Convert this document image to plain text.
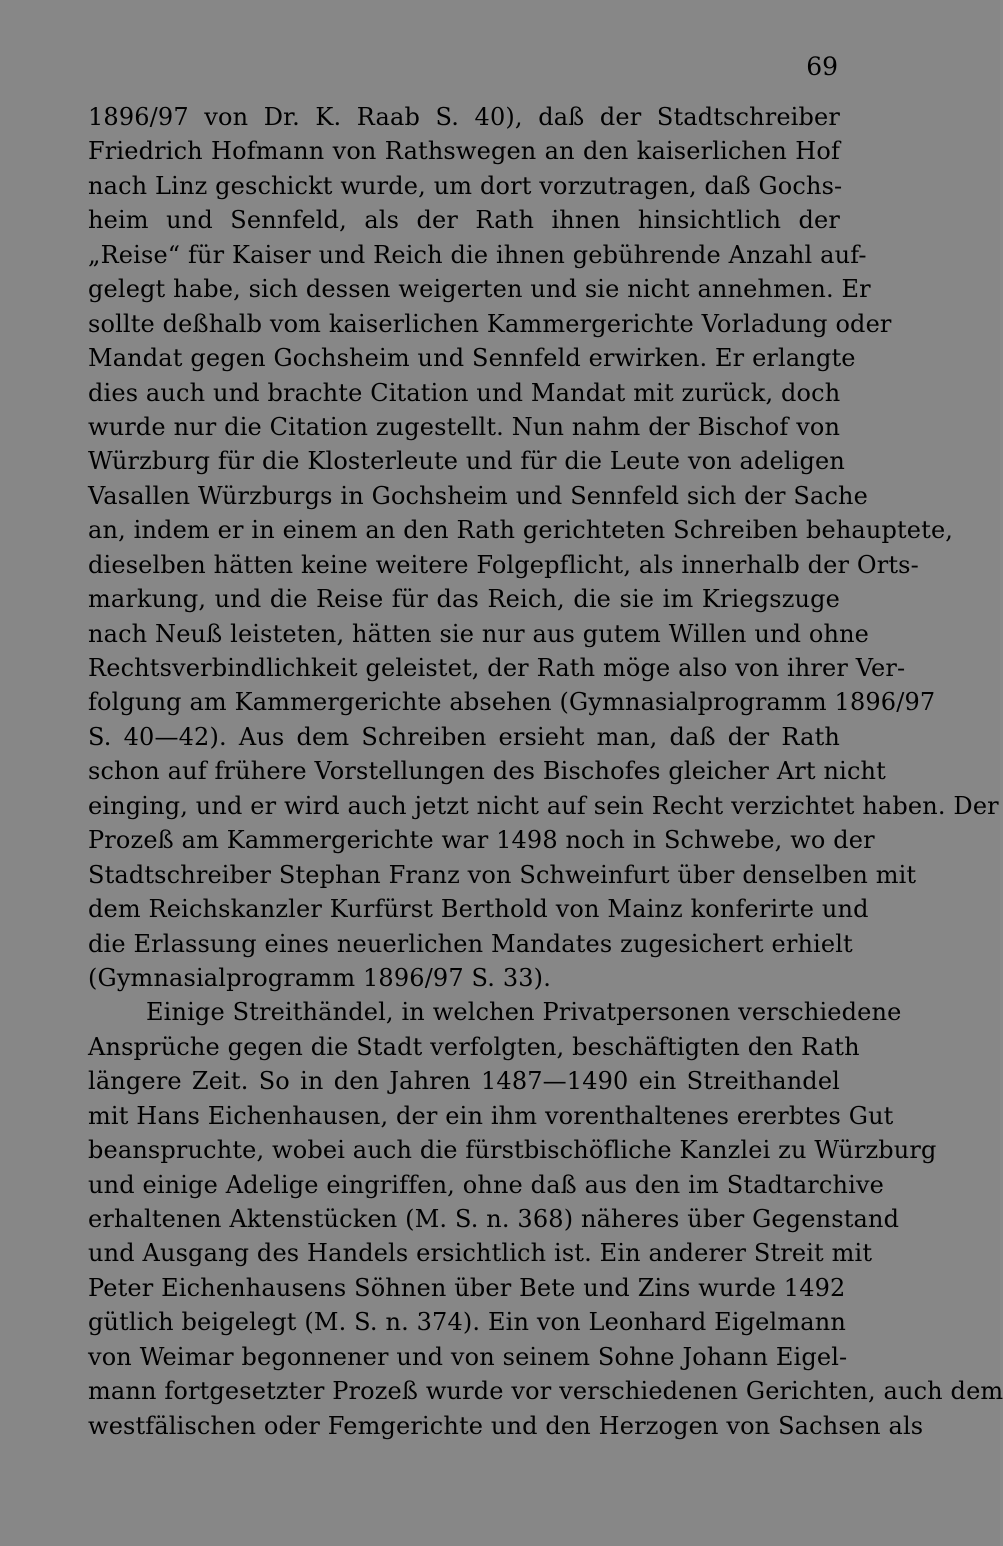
69
1896/97 von Dr. K. Raab S. 40), daß der Stadtschreiber
Friedrich Hofmann von Rathswegen an den kaiserlichen Hof
nach Linz geschickt wurde, um dort vorzutragen, daß Gochs-
heim und Sennfeld, als der Rath ihnen hinsichtlich der
„Reise“ für Kaiser und Reich die ihnen gebührende Anzahl auf-
gelegt habe, sich dessen weigerten und sie nicht annehmen. Er
sollte deßhalb vom kaiserlichen Kammergerichte Vorladung oder
Mandat gegen Gochsheim und Sennfeld erwirken. Er erlangte
dies auch und brachte Citation und Mandat mit zurück, doch
wurde nur die Citation zugestellt. Nun nahm der Bischof von
Würzburg für die Klosterleute und für die Leute von adeligen
Vasallen Würzburgs in Gochsheim und Sennfeld sich der Sache
an, indem er in einem an den Rath gerichteten Schreiben behauptete,
dieselben hätten keine weitere Folgepflicht, als innerhalb der Orts-
markung, und die Reise für das Reich, die sie im Kriegszuge
nach Neuß leisteten, hätten sie nur aus gutem Willen und ohne
Rechtsverbindlichkeit geleistet, der Rath möge also von ihrer Ver-
folgung am Kammergerichte absehen (Gymnasialprogramm 1896/97
S. 40—42). Aus dem Schreiben ersieht man, daß der Rath
schon auf frühere Vorstellungen des Bischofes gleicher Art nicht
einging, und er wird auch jetzt nicht auf sein Recht verzichtet haben. Der
Prozeß am Kammergerichte war 1498 noch in Schwebe, wo der
Stadtschreiber Stephan Franz von Schweinfurt über denselben mit
dem Reichskanzler Kurfürst Berthold von Mainz konferirte und
die Erlassung eines neuerlichen Mandates zugesichert erhielt
(Gymnasialprogramm 1896/97 S. 33).
Einige Streithändel, in welchen Privatpersonen verschiedene
Ansprüche gegen die Stadt verfolgten, beschäftigten den Rath
längere Zeit. So in den Jahren 1487—1490 ein Streithandel
mit Hans Eichenhausen, der ein ihm vorenthaltenes ererbtes Gut
beanspruchte, wobei auch die fürstbischöfliche Kanzlei zu Würzburg
und einige Adelige eingriffen, ohne daß aus den im Stadtarchive
erhaltenen Aktenstücken (M. S. n. 368) näheres über Gegenstand
und Ausgang des Handels ersichtlich ist. Ein anderer Streit mit
Peter Eichenhausens Söhnen über Bete und Zins wurde 1492
gütlich beigelegt (M. S. n. 374). Ein von Leonhard Eigelmann
von Weimar begonnener und von seinem Sohne Johann Eigel-
mann fortgesetzter Prozeß wurde vor verschiedenen Gerichten, auch dem
westfälischen oder Femgerichte und den Herzogen von Sachsen als
